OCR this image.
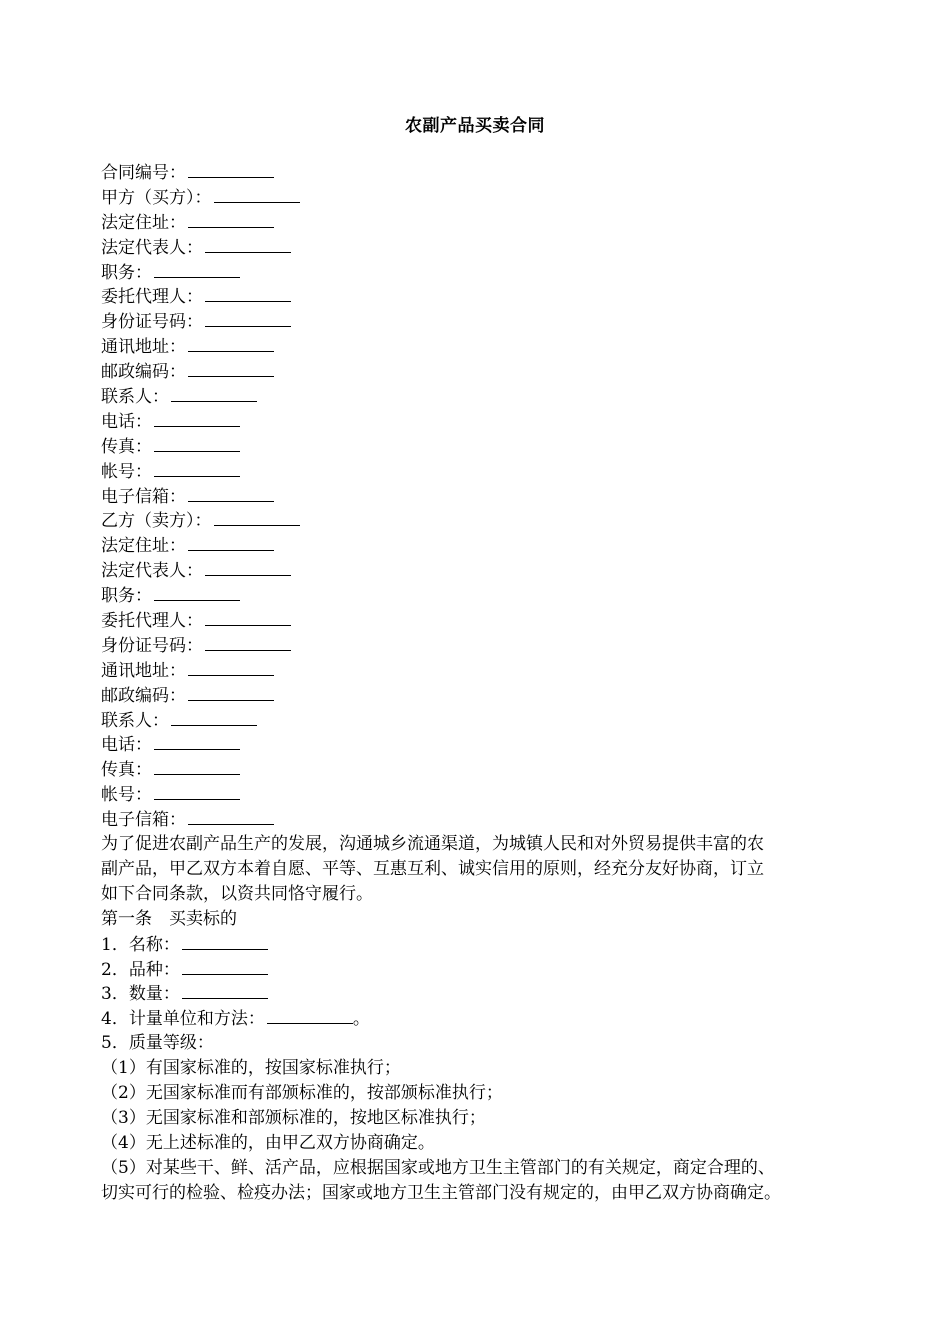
农副产品买卖合同
合同编号：
甲方（买方）：
法定住址：
法定代表人：
职务：
委托代理人：
身份证号码：
通讯地址：
邮政编码：
联系人：
电话：
传真：
帐号：
电子信箱：
乙方（卖方）：
法定住址：
法定代表人：
职务：
委托代理人：
身份证号码：
通讯地址：
邮政编码：
联系人：
电话：
传真：
帐号：
电子信箱：
为了促进农副产品生产的发展，沟通城乡流通渠道，为城镇人民和对外贸易提供丰富的农
副产品，甲乙双方本着自愿、平等、互惠互利、诚实信用的原则，经充分友好协商，订立
如下合同条款，以资共同恪守履行。
第一条　买卖标的
1．名称：
2．品种：
3．数量：
4．计量单位和方法：	。
5．质量等级：
（1）有国家标准的，按国家标准执行；
（2）无国家标准而有部颁标准的，按部颁标准执行；
（3）无国家标准和部颁标准的，按地区标准执行；
（4）无上述标准的，由甲乙双方协商确定。
（5）对某些干、鲜、活产品，应根据国家或地方卫生主管部门的有关规定，商定合理的、
切实可行的检验、检疫办法；国家或地方卫生主管部门没有规定的，由甲乙双方协商确定。
